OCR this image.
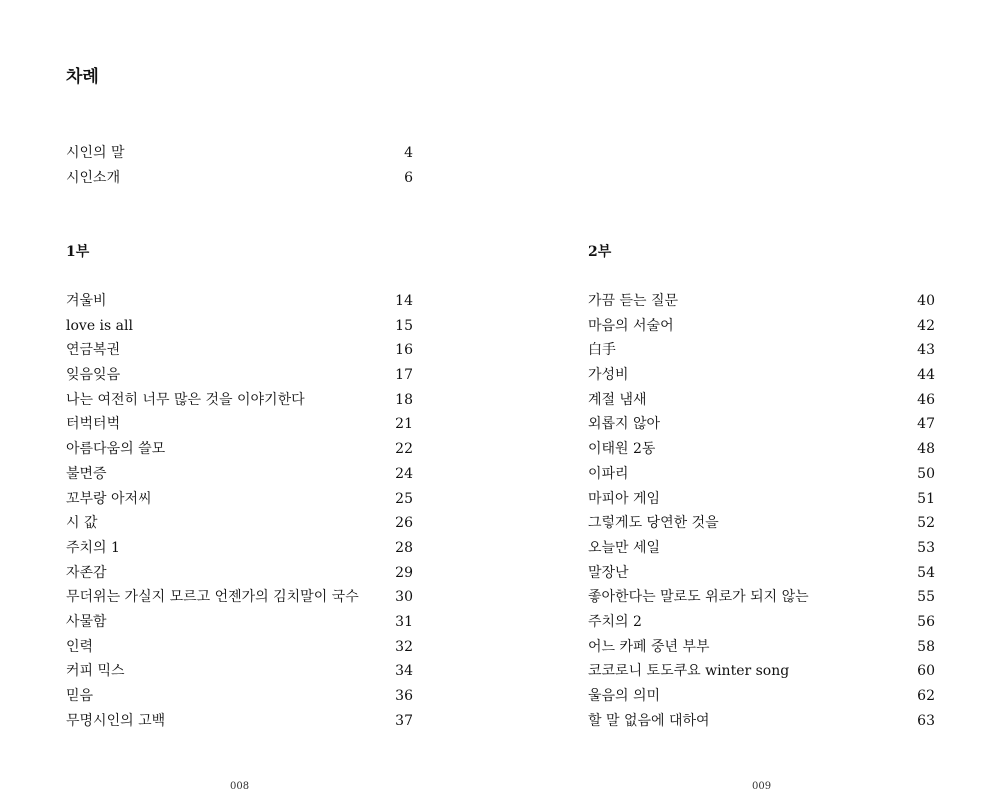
차례
시인의 말	4
시인소개	6
1부
겨울비	14
love is all	15
연금복권	16
잊음잊음	17
나는 여전히 너무 많은 것을 이야기한다	18
터벅터벅	21
아름다움의 쓸모	22
불면증	24
꼬부랑 아저씨	25
시 값	26
주치의 1	28
자존감	29
무더위는 가실지 모르고 언젠가의 김치말이 국수	30
사물함	31
인력	32
커피 믹스	34
믿음	36
무명시인의 고백	37
2부
가끔 듣는 질문	40
마음의 서술어	42
白手	43
가성비	44
계절 냄새	46
외롭지 않아	47
이태원 2동	48
이파리	50
마피아 게임	51
그렇게도 당연한 것을	52
오늘만 세일	53
말장난	54
좋아한다는 말로도 위로가 되지 않는	55
주치의 2	56
어느 카페 중년 부부	58
코코로니 토도쿠요 winter song	60
울음의 의미	62
할 말 없음에 대하여	63
008	009
